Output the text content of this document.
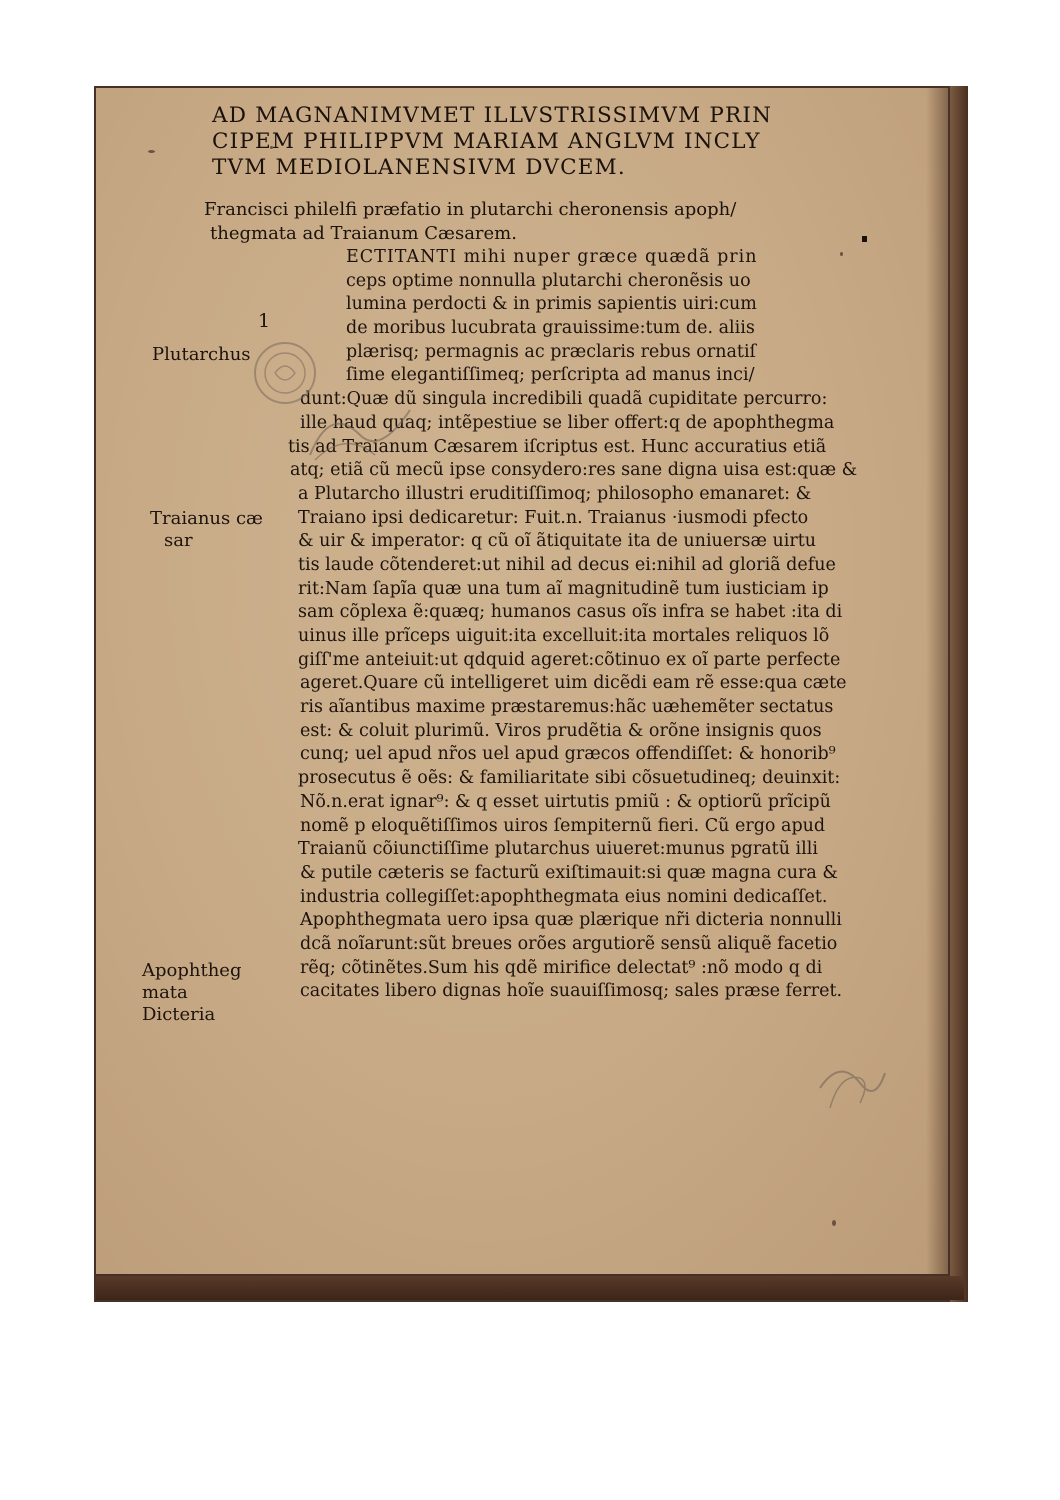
AD MAGNANIMVMET ILLVSTRISSIMVM PRIN
CIPEM PHILIPPVM MARIAM ANGLVM INCLY
TVM MEDIOLANENSIVM DVCEM.
Francisci philelfi præfatio in plutarchi cheronensis apoph/
thegmata ad Traianum Cæsarem.
ECTITANTI mihi nuper græce quædã prin
ceps optime nonnulla plutarchi cheronẽsis uo
lumina perdocti & in primis sapientis uiri:cum
de moribus lucubrata grauissime:tum de. aliis
plærisq; permagnis ac præclaris rebus ornatiſ
ſime elegantiſſimeq; perſcripta ad manus inci/
dunt:Quæ dũ singula incredibili quadã cupiditate percurro:
ille haud quaq; intẽpestiue se liber offert:q de apophthegma
tis ad Traianum Cæsarem iſcriptus est. Hunc accuratius etiã
atq; etiã cũ mecũ ipse consydero:res sane digna uisa est:quæ &
a Plutarcho illustri eruditiſſimoq; philosopho emanaret: &
Traiano ipsi dedicaretur: Fuit.n. Traianus ·iusmodi pfecto
& uir & imperator: q cũ oĩ ãtiquitate ita de uniuersæ uirtu
tis laude cõtenderet:ut nihil ad decus ei:nihil ad gloriã defue
rit:Nam ſapĩa quæ una tum aĩ magnitudinẽ tum iusticiam ip
sam cõplexa ẽ:quæq; humanos casus oĩs infra se habet :ita di
uinus ille prĩceps uiguit:ita excelluit:ita mortales reliquos lõ
giſſ'me anteiuit:ut qdquid ageret:cõtinuo ex oĩ parte perfecte
ageret.Quare cũ intelligeret uim dicẽdi eam rẽ esse:qua cæte
ris aĩantibus maxime præstaremus:hãc uæhemẽter sectatus
est: & coluit plurimũ. Viros prudẽtia & orõne insignis quos
cunq; uel apud nr̃os uel apud græcos offendiſſet: & honorib⁹
prosecutus ẽ oẽs: & familiaritate sibi cõsuetudineq; deuinxit:
Nõ.n.erat ignar⁹: & q esset uirtutis pmiũ : & optiorũ prĩcipũ
nomẽ p eloquẽtiſſimos uiros ſempiternũ fieri. Cũ ergo apud
Traianũ cõiunctiſſime plutarchus uiueret:munus pgratũ illi
& putile cæteris se facturũ exiſtimauit:si quæ magna cura &
industria collegiſſet:apophthegmata eius nomini dedicaſſet.
Apophthegmata uero ipsa quæ plærique nr̃i dicteria nonnulli
dcã noĩarunt:sũt breues orões argutiorẽ sensũ aliquẽ facetio
rẽq; cõtinẽtes.Sum his qdẽ mirifice delectat⁹ :nõ modo q di
cacitates libero dignas hoĩe suauiſſimosq; sales præse ferret.
Plutarchus
Traianus cæ
sar
Apophtheg
mata
Dicteria
1
